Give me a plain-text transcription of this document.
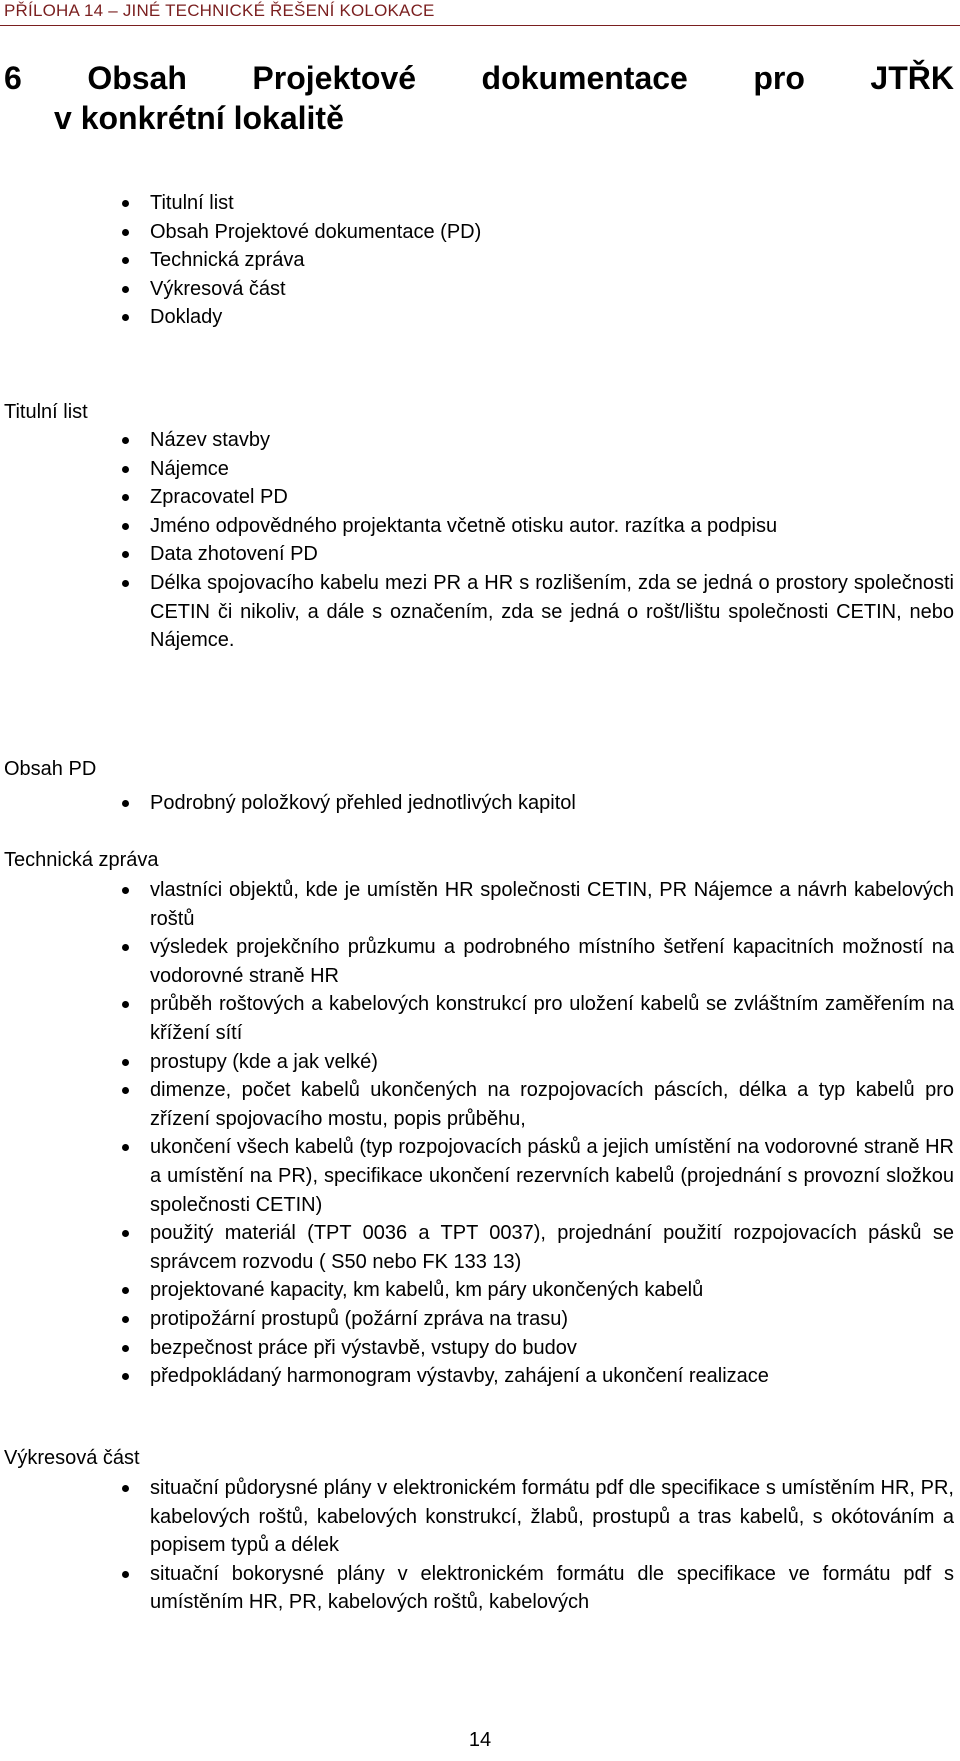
PŘÍLOHA 14 – JINÉ TECHNICKÉ ŘEŠENÍ KOLOKACE
6 Obsah Projektové dokumentace pro JTŘK
v konkrétní lokalitě
Titulní list
Obsah Projektové dokumentace (PD)
Technická zpráva
Výkresová část
Doklady
Titulní list
Název stavby
Nájemce
Zpracovatel PD
Jméno odpovědného projektanta včetně otisku autor. razítka a podpisu
Data zhotovení PD
Délka spojovacího kabelu mezi PR a HR s rozlišením, zda se jedná o prostory společnosti CETIN či nikoliv, a dále s označením, zda se jedná o rošt/lištu společnosti CETIN, nebo Nájemce.
Obsah PD
Podrobný položkový přehled jednotlivých kapitol
Technická zpráva
vlastníci objektů, kde je umístěn HR společnosti CETIN, PR Nájemce a návrh kabelových roštů
výsledek projekčního průzkumu a podrobného místního šetření kapacitních možností na vodorovné straně HR
průběh roštových a kabelových konstrukcí pro uložení kabelů se zvláštním zaměřením na křížení sítí
prostupy (kde a jak velké)
dimenze, počet kabelů ukončených na rozpojovacích páscích, délka a typ kabelů pro zřízení spojovacího mostu, popis průběhu,
ukončení všech kabelů (typ rozpojovacích pásků a jejich umístění na vodorovné straně HR a umístění na PR), specifikace ukončení rezervních kabelů (projednání s provozní složkou společnosti CETIN)
použitý materiál (TPT 0036 a TPT 0037), projednání použití rozpojovacích pásků se správcem rozvodu ( S50 nebo FK 133 13)
projektované kapacity, km kabelů, km páry ukončených kabelů
protipožární prostupů (požární zpráva na trasu)
bezpečnost práce při výstavbě, vstupy do budov
předpokládaný harmonogram výstavby, zahájení a ukončení realizace
Výkresová část
situační půdorysné plány v elektronickém formátu pdf dle specifikace s umístěním HR, PR, kabelových roštů, kabelových konstrukcí, žlabů, prostupů a tras kabelů, s okótováním a popisem typů a délek
situační bokorysné plány v elektronickém formátu dle specifikace ve formátu pdf s umístěním HR, PR, kabelových roštů, kabelových
14
